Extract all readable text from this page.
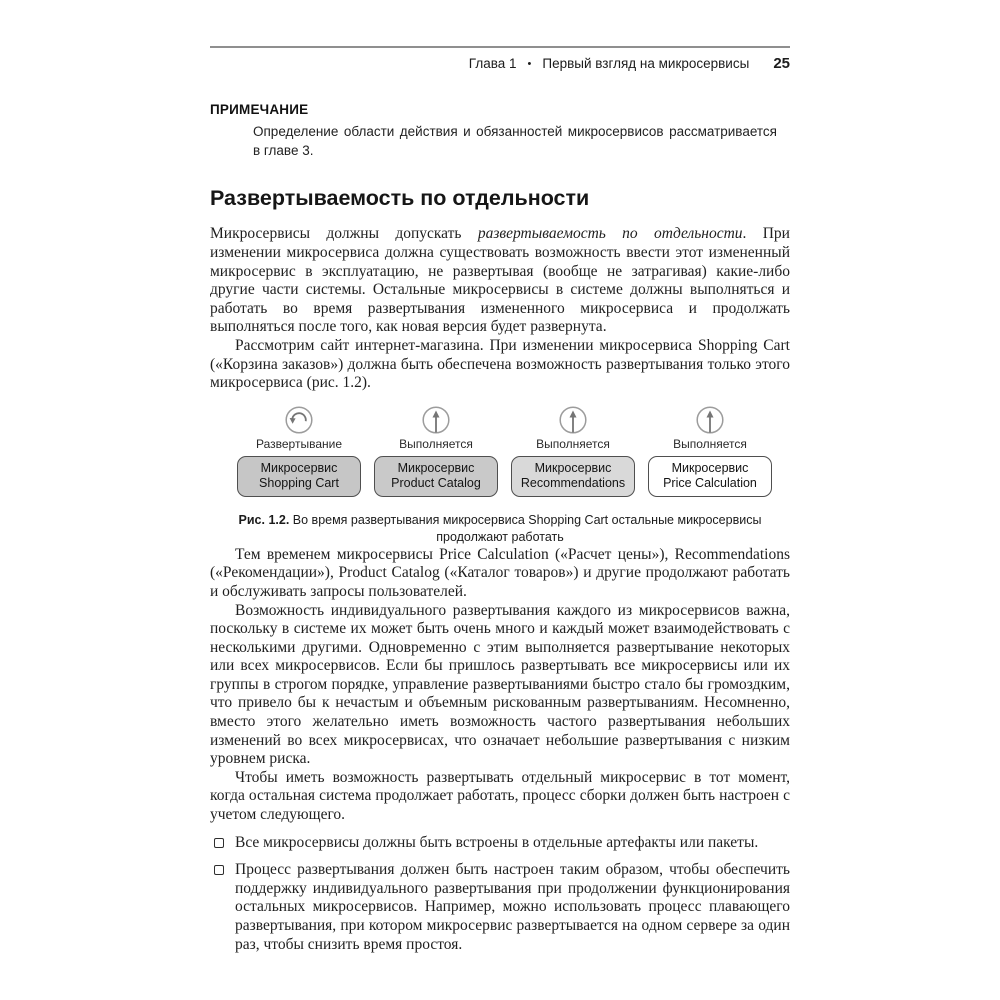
Глава 1 • Первый взгляд на микросервисы 25
ПРИМЕЧАНИЕ
Определение области действия и обязанностей микросервисов рассматривается в главе 3.
Развертываемость по отдельности

Микросервисы должны допускать развертываемость по отдельности. При изменении микросервиса должна существовать возможность ввести этот измененный микросервис в эксплуатацию, не развертывая (вообще не затрагивая) какие-либо другие части системы. Остальные микросервисы в системе должны выполняться и работать во время развертывания измененного микросервиса и продолжать выполняться после того, как новая версия будет развернута.

Рассмотрим сайт интернет-магазина. При изменении микросервиса Shopping Cart («Корзина заказов») должна быть обеспечена возможность развертывания только этого микросервиса (рис. 1.2).

Развертывание
Микросервис
Shopping Cart
Выполняется
Микросервис
Product Catalog
Выполняется
Микросервис
Recommendations
Выполняется
Микросервис
Price Calculation
Рис. 1.2. Во время развертывания микросервиса Shopping Cart остальные микросервисы продолжают работать

Тем временем микросервисы Price Calculation («Расчет цены»), Recommendations («Рекомендации»), Product Catalog («Каталог товаров») и другие продолжают работать и обслуживать запросы пользователей.

Возможность индивидуального развертывания каждого из микросервисов важна, поскольку в системе их может быть очень много и каждый может взаимодействовать с несколькими другими. Одновременно с этим выполняется развертывание некоторых или всех микросервисов. Если бы пришлось развертывать все микросервисы или их группы в строгом порядке, управление развертываниями быстро стало бы громоздким, что привело бы к нечастым и объемным рискованным развертываниям. Несомненно, вместо этого желательно иметь возможность частого развертывания небольших изменений во всех микросервисах, что означает небольшие развертывания с низким уровнем риска.

Чтобы иметь возможность развертывать отдельный микросервис в тот момент, когда остальная система продолжает работать, процесс сборки должен быть настроен с учетом следующего.

Все микросервисы должны быть встроены в отдельные артефакты или пакеты.
Процесс развертывания должен быть настроен таким образом, чтобы обеспечить поддержку индивидуального развертывания при продолжении функционирования остальных микросервисов. Например, можно использовать процесс плавающего развертывания, при котором микросервис развертывается на одном сервере за один раз, чтобы снизить время простоя.
